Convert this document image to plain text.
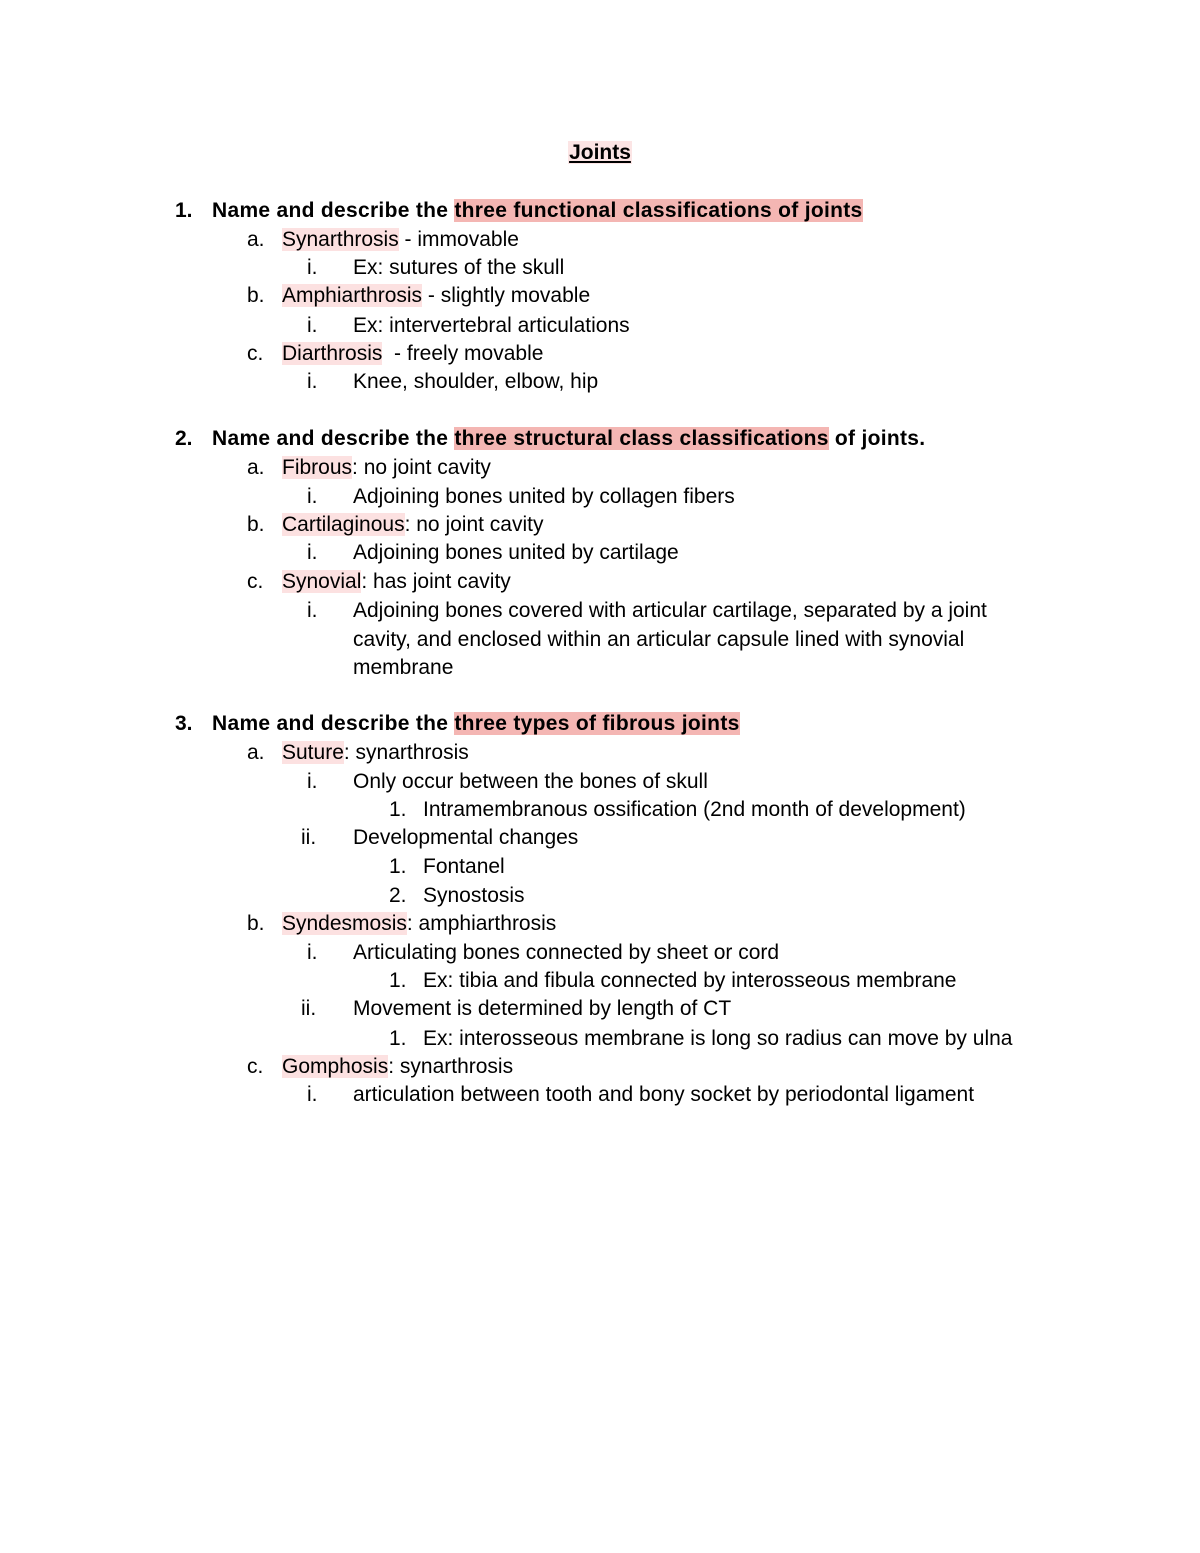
Joints
1. Name and describe the three functional classifications of joints
a. Synarthrosis - immovable
i. Ex: sutures of the skull
b. Amphiarthrosis - slightly movable
i. Ex: intervertebral articulations
c. Diarthrosis  - freely movable
i. Knee, shoulder, elbow, hip
2. Name and describe the three structural class classifications of joints.
a. Fibrous: no joint cavity
i. Adjoining bones united by collagen fibers
b. Cartilaginous: no joint cavity
i. Adjoining bones united by cartilage
c. Synovial: has joint cavity
i. Adjoining bones covered with articular cartilage, separated by a joint cavity, and enclosed within an articular capsule lined with synovial membrane
3. Name and describe the three types of fibrous joints
a. Suture: synarthrosis
i. Only occur between the bones of skull
1. Intramembranous ossification (2nd month of development)
ii. Developmental changes
1. Fontanel
2. Synostosis
b. Syndesmosis: amphiarthrosis
i. Articulating bones connected by sheet or cord
1. Ex: tibia and fibula connected by interosseous membrane
ii. Movement is determined by length of CT
1. Ex: interosseous membrane is long so radius can move by ulna
c. Gomphosis: synarthrosis
i. articulation between tooth and bony socket by periodontal ligament
